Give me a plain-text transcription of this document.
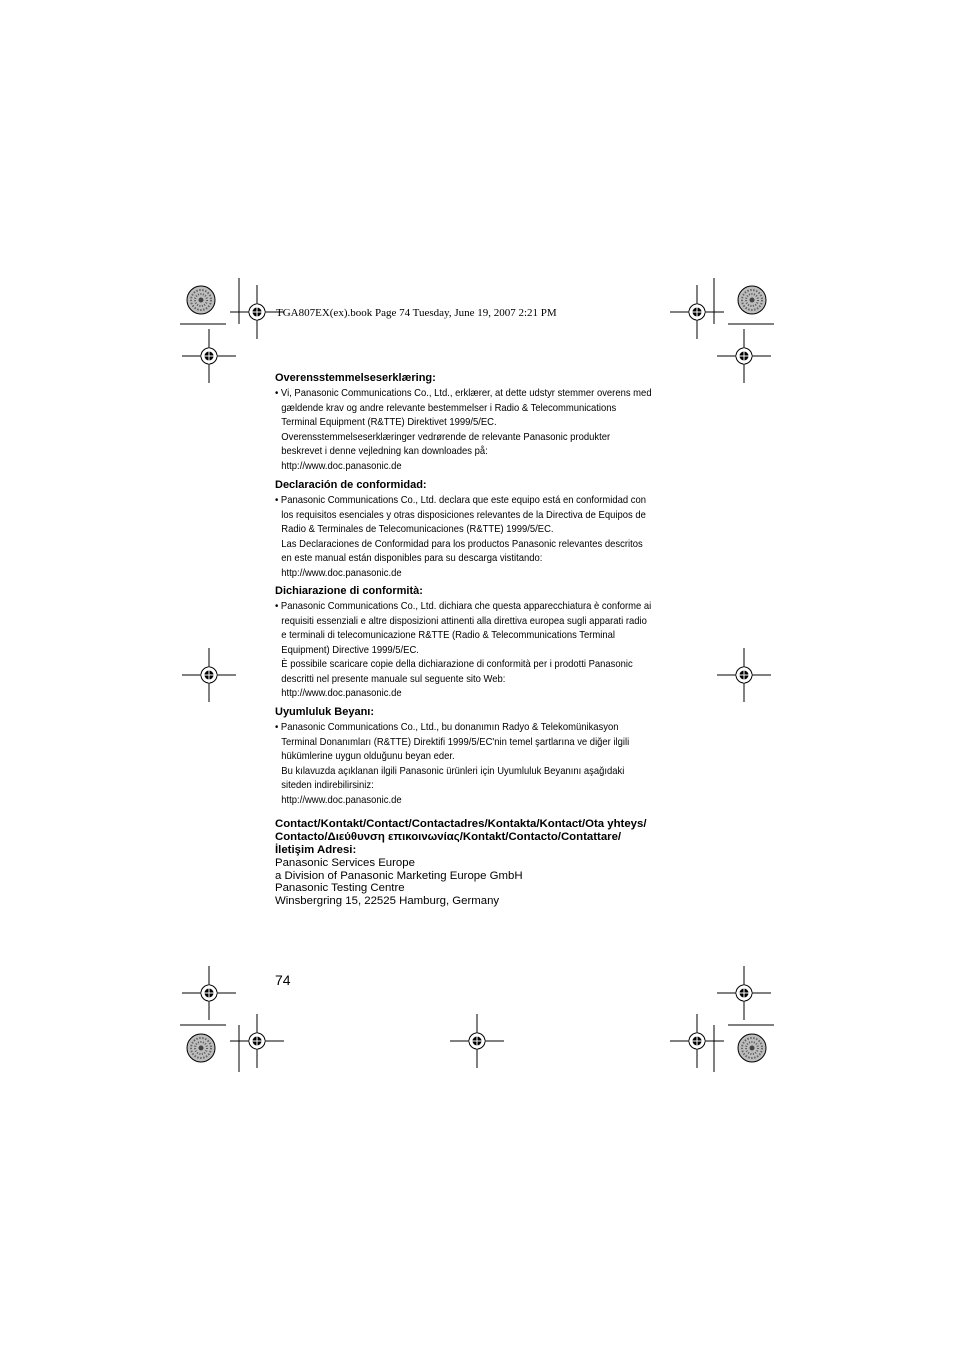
TGA807EX(ex).book Page 74 Tuesday, June 19, 2007 2:21 PM
Overensstemmelseserklæring:
• Vi, Panasonic Communications Co., Ltd., erklærer, at dette udstyr stemmer overens med
gældende krav og andre relevante bestemmelser i Radio & Telecommunications
Terminal Equipment (R&TTE) Direktivet 1999/5/EC.
Overensstemmelseserklæringer vedrørende de relevante Panasonic produkter
beskrevet i denne vejledning kan downloades på:
http://www.doc.panasonic.de
Declaración de conformidad:
• Panasonic Communications Co., Ltd. declara que este equipo está en conformidad con
los requisitos esenciales y otras disposiciones relevantes de la Directiva de Equipos de
Radio & Terminales de Telecomunicaciones (R&TTE) 1999/5/EC.
Las Declaraciones de Conformidad para los productos Panasonic relevantes descritos
en este manual están disponibles para su descarga vistitando:
http://www.doc.panasonic.de
Dichiarazione di conformità:
• Panasonic Communications Co., Ltd. dichiara che questa apparecchiatura è conforme ai
requisiti essenziali e altre disposizioni attinenti alla direttiva europea sugli apparati radio
e terminali di telecomunicazione R&TTE (Radio & Telecommunications Terminal
Equipment) Directive 1999/5/EC.
È possibile scaricare copie della dichiarazione di conformità per i prodotti Panasonic
descritti nel presente manuale sul seguente sito Web:
http://www.doc.panasonic.de
Uyumluluk Beyanı:
• Panasonic Communications Co., Ltd., bu donanımın Radyo & Telekomünikasyon
Terminal Donanımları (R&TTE) Direktifi 1999/5/EC'nin temel şartlarına ve diğer ilgili
hükümlerine uygun olduğunu beyan eder.
Bu kılavuzda açıklanan ilgili Panasonic ürünleri için Uyumluluk Beyanını aşağıdaki
siteden indirebilirsiniz:
http://www.doc.panasonic.de
Contact/Kontakt/Contact/Contactadres/Kontakta/Kontact/Ota yhteys/
Contacto/Διεύθυνση επικοινωνίας/Kontakt/Contacto/Contattare/
İletişim Adresi:
Panasonic Services Europe
a Division of Panasonic Marketing Europe GmbH
Panasonic Testing Centre
Winsbergring 15, 22525 Hamburg, Germany
74
